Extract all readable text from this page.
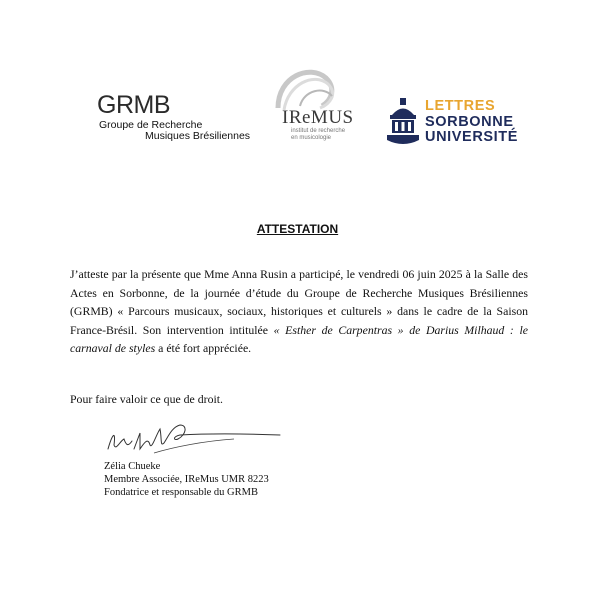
GRMB
Groupe de Recherche
Musiques Brésiliennes
IReMUS
institut de recherche
en musicologie
LETTRES
SORBONNE
UNIVERSITÉ
ATTESTATION

J’atteste par la présente que Mme Anna Rusin a participé, le vendredi 06 juin 2025 à la Salle des Actes en Sorbonne, de la journée d’étude du Groupe de Recherche Musiques Brésiliennes (GRMB) « Parcours musicaux, sociaux, historiques et culturels » dans le cadre de la Saison France-Brésil. Son intervention intitulée « Esther de Carpentras » de Darius Milhaud : le carnaval de styles a été fort appréciée.

Pour faire valoir ce que de droit.
Zélia Chueke
Membre Associée, IReMus UMR 8223
Fondatrice et responsable du GRMB
